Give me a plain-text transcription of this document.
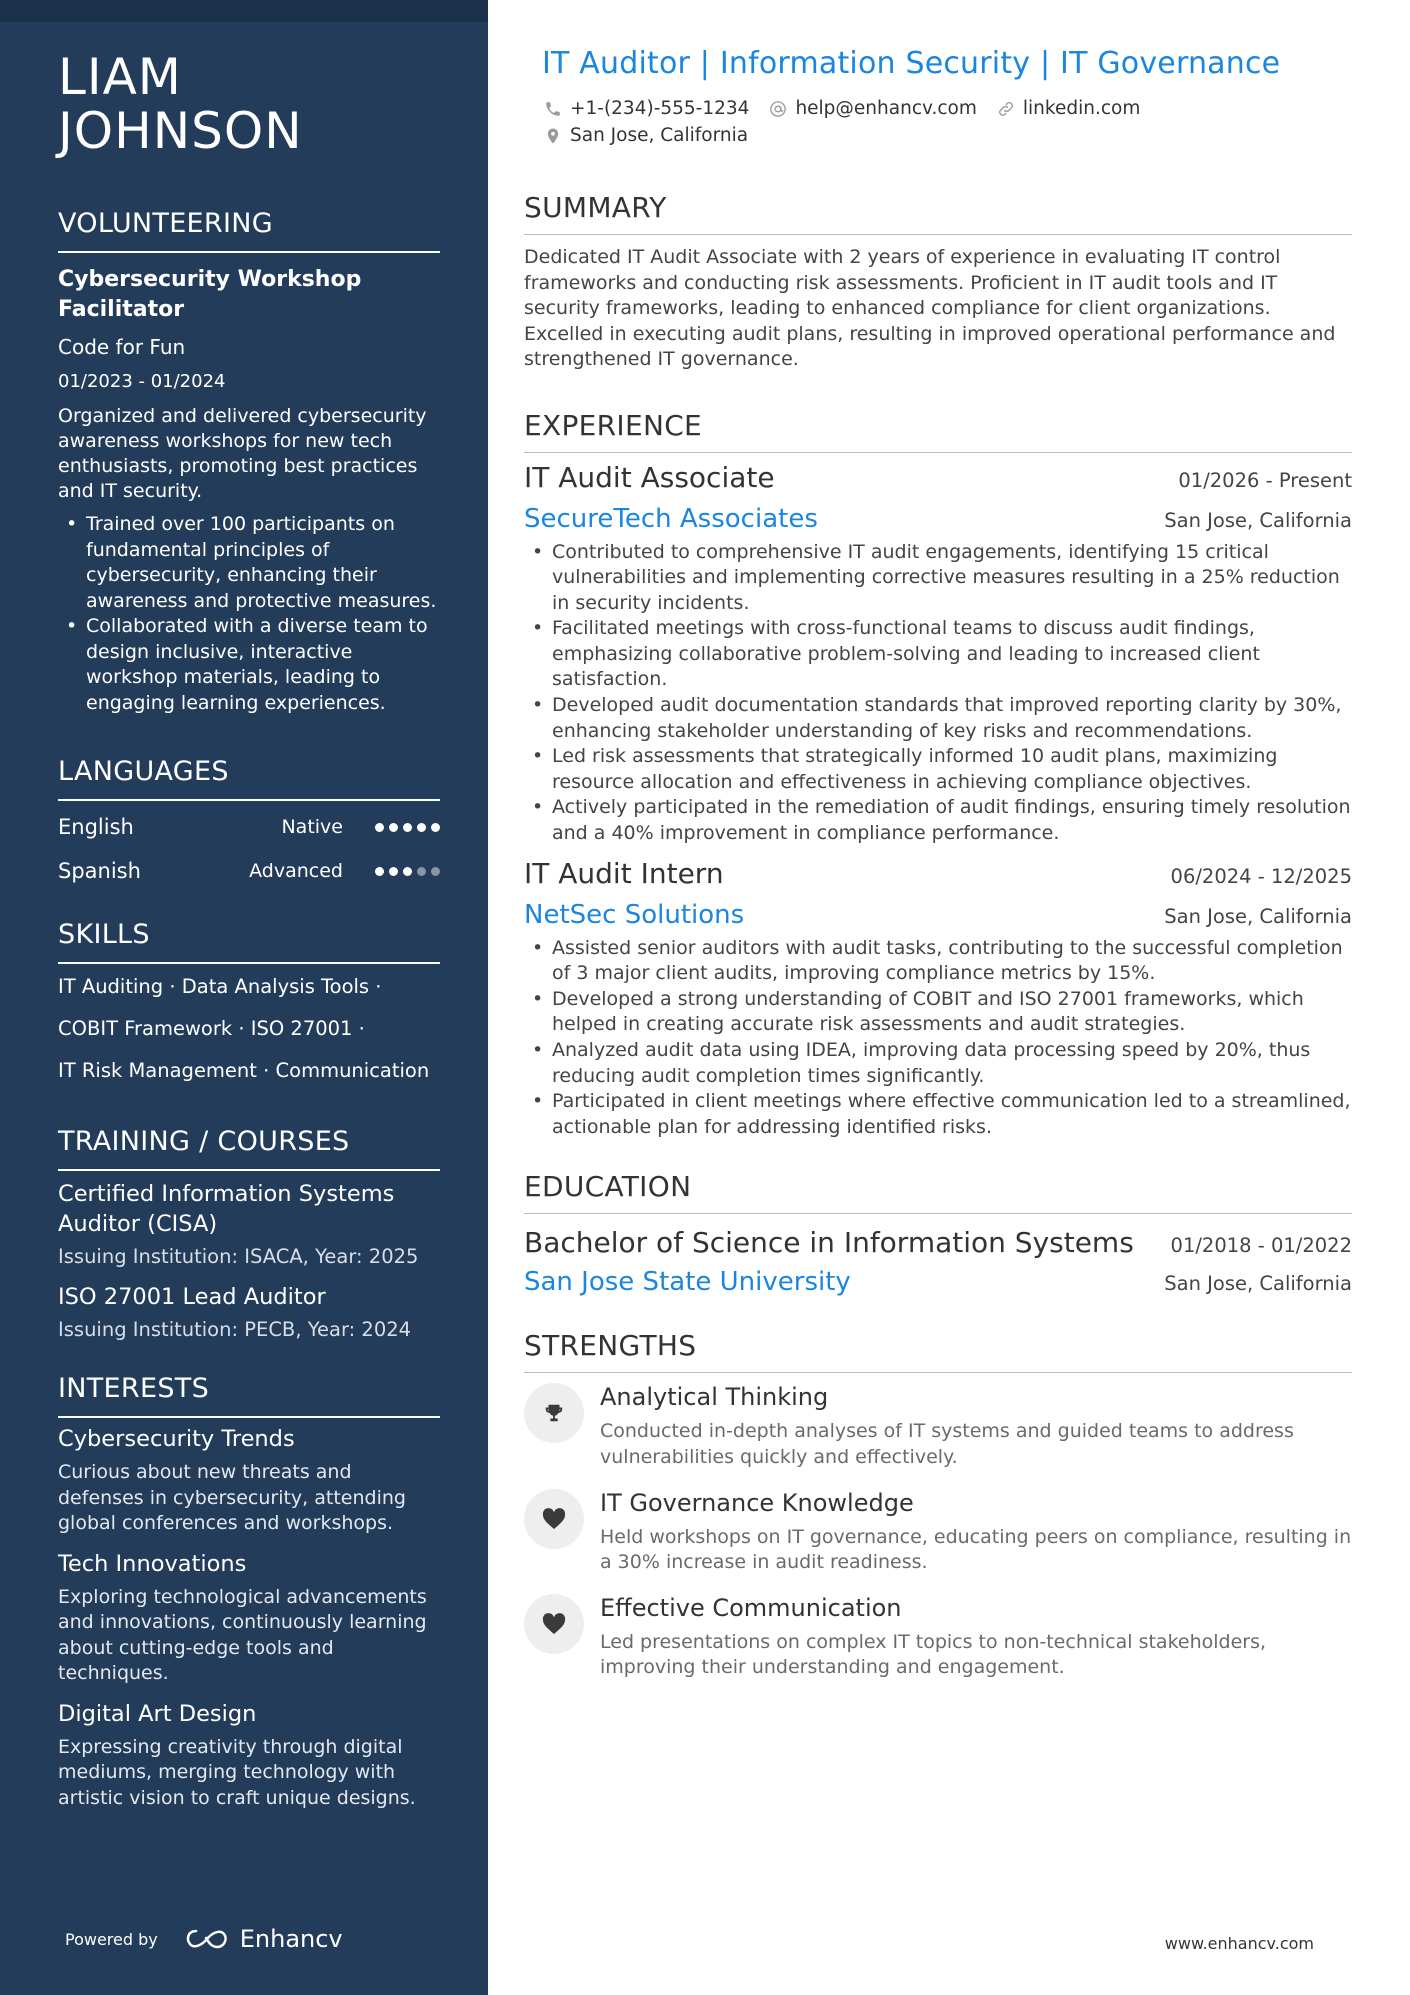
LIAM
JOHNSON
VOLUNTEERING
Cybersecurity Workshop Facilitator
Code for Fun
01/2023 - 01/2024

Organized and delivered cybersecurity awareness workshops for new tech enthusiasts, promoting best practices and IT security.

• Trained over 100 participants on fundamental principles of cybersecurity, enhancing their awareness and protective measures.
• Collaborated with a diverse team to design inclusive, interactive workshop materials, leading to engaging learning experiences.
LANGUAGES
English	Native
Spanish	Advanced
SKILLS
IT Auditing · Data Analysis Tools ·
COBIT Framework · ISO 27001 ·
IT Risk Management · Communication
TRAINING / COURSES
Certified Information Systems Auditor (CISA)
Issuing Institution: ISACA, Year: 2025
ISO 27001 Lead Auditor
Issuing Institution: PECB, Year: 2024
INTERESTS
Cybersecurity Trends

Curious about new threats and defenses in cybersecurity, attending global conferences and workshops.

Tech Innovations

Exploring technological advancements and innovations, continuously learning about cutting-edge tools and techniques.

Digital Art Design

Expressing creativity through digital mediums, merging technology with artistic vision to craft unique designs.

Powered by	Enhancv
IT Auditor | Information Security | IT Governance
+1-(234)-555-1234 help@enhancv.com linkedin.com
San Jose, California
SUMMARY

Dedicated IT Audit Associate with 2 years of experience in evaluating IT control frameworks and conducting risk assessments. Proficient in IT audit tools and IT security frameworks, leading to enhanced compliance for client organizations. Excelled in executing audit plans, resulting in improved operational performance and strengthened IT governance.

EXPERIENCE
IT Audit Associate	01/2026 - Present
SecureTech Associates	San Jose, California
• Contributed to comprehensive IT audit engagements, identifying 15 critical vulnerabilities and implementing corrective measures resulting in a 25% reduction in security incidents.
• Facilitated meetings with cross-functional teams to discuss audit findings, emphasizing collaborative problem-solving and leading to increased client satisfaction.
• Developed audit documentation standards that improved reporting clarity by 30%, enhancing stakeholder understanding of key risks and recommendations.
• Led risk assessments that strategically informed 10 audit plans, maximizing resource allocation and effectiveness in achieving compliance objectives.
• Actively participated in the remediation of audit findings, ensuring timely resolution and a 40% improvement in compliance performance.
IT Audit Intern	06/2024 - 12/2025
NetSec Solutions	San Jose, California
• Assisted senior auditors with audit tasks, contributing to the successful completion of 3 major client audits, improving compliance metrics by 15%.
• Developed a strong understanding of COBIT and ISO 27001 frameworks, which helped in creating accurate risk assessments and audit strategies.
• Analyzed audit data using IDEA, improving data processing speed by 20%, thus reducing audit completion times significantly.
• Participated in client meetings where effective communication led to a streamlined, actionable plan for addressing identified risks.
EDUCATION
Bachelor of Science in Information Systems 01/2018 - 01/2022
San Jose State University	San Jose, California
STRENGTHS
Analytical Thinking

Conducted in-depth analyses of IT systems and guided teams to address vulnerabilities quickly and effectively.

IT Governance Knowledge

Held workshops on IT governance, educating peers on compliance, resulting in a 30% increase in audit readiness.

Effective Communication

Led presentations on complex IT topics to non-technical stakeholders, improving their understanding and engagement.

www.enhancv.com
